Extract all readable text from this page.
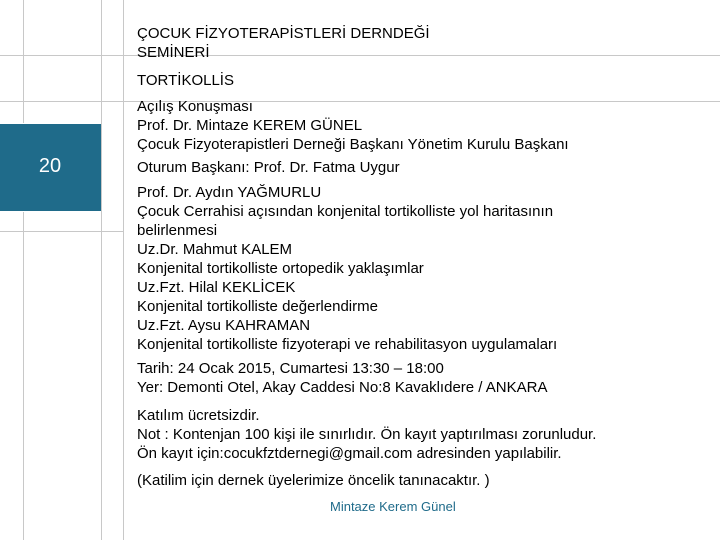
20
ÇOCUK FİZYOTERAPİSTLERİ DERNDEĞİ
SEMİNERİ
TORTİKOLLİS
Açılış Konuşması
Prof. Dr. Mintaze KEREM GÜNEL
Çocuk Fizyoterapistleri Derneği Başkanı Yönetim Kurulu Başkanı
Oturum Başkanı: Prof. Dr. Fatma Uygur
Prof. Dr. Aydın YAĞMURLU
Çocuk Cerrahisi açısından konjenital tortikolliste yol haritasının
belirlenmesi
Uz.Dr. Mahmut KALEM
Konjenital tortikolliste ortopedik yaklaşımlar
Uz.Fzt. Hilal KEKLİCEK
Konjenital tortikolliste değerlendirme
Uz.Fzt. Aysu KAHRAMAN
Konjenital tortikolliste fizyoterapi ve rehabilitasyon uygulamaları
Tarih: 24 Ocak 2015, Cumartesi 13:30 – 18:00
Yer: Demonti Otel, Akay Caddesi No:8 Kavaklıdere / ANKARA
Katılım ücretsizdir.
Not : Kontenjan 100 kişi ile sınırlıdır. Ön kayıt yaptırılması zorunludur.
Ön kayıt için:cocukfztdernegi@gmail.com adresinden yapılabilir.
(Katilim için dernek üyelerimize öncelik tanınacaktır. )
Mintaze Kerem Günel
